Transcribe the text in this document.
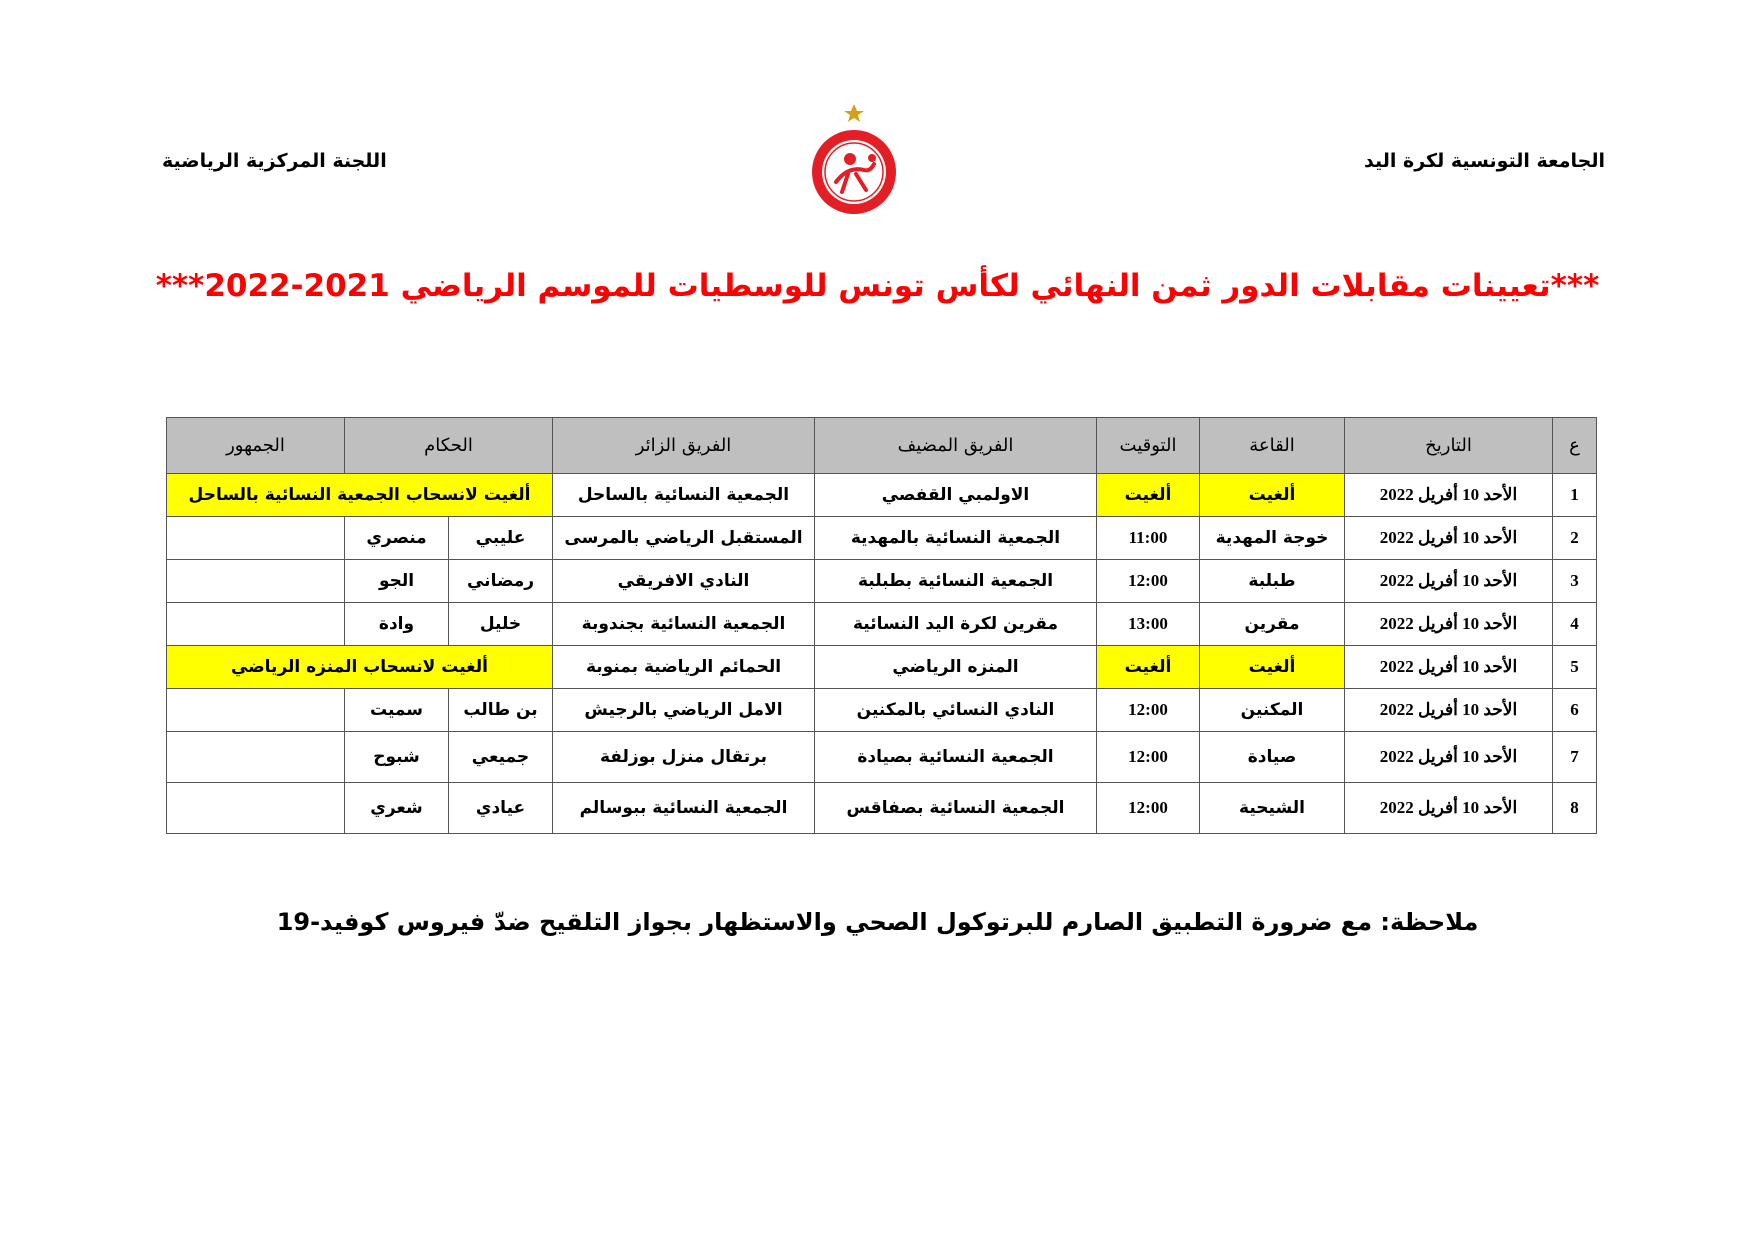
الجامعة التونسية لكرة اليد
اللجنة المركزية الرياضية
***تعيينات مقابلات الدور ثمن النهائي لكأس تونس للوسطيات للموسم الرياضي 2021-2022***
ع	التاريخ	القاعة	التوقيت	الفريق المضيف	الفريق الزائر	الحكام		الجمهور
1	الأحد 10 أفريل 2022	ألغيت	ألغيت	الاولمبي القفصي	الجمعية النسائية بالساحل	ألغيت لانسحاب الجمعية النسائية بالساحل		
2	الأحد 10 أفريل 2022	خوجة المهدية	11:00	الجمعية النسائية بالمهدية	المستقبل الرياضي بالمرسى	عليبي	منصري	
3	الأحد 10 أفريل 2022	طبلبة	12:00	الجمعية النسائية بطبلبة	النادي الافريقي	رمضاني	الجو	
4	الأحد 10 أفريل 2022	مقرين	13:00	مقرين لكرة اليد النسائية	الجمعية النسائية بجندوبة	خليل	وادة	
5	الأحد 10 أفريل 2022	ألغيت	ألغيت	المنزه الرياضي	الحمائم الرياضية بمنوبة	ألغيت لانسحاب المنزه الرياضي		
6	الأحد 10 أفريل 2022	المكنين	12:00	النادي النسائي بالمكنين	الامل الرياضي بالرجيش	بن طالب	سميت	
7	الأحد 10 أفريل 2022	صيادة	12:00	الجمعية النسائية بصيادة	برتقال منزل بوزلفة	جميعي	شبوح	
8	الأحد 10 أفريل 2022	الشيحية	12:00	الجمعية النسائية بصفاقس	الجمعية النسائية ببوسالم	عيادي	شعري	
ملاحظة: مع ضرورة التطبيق الصارم للبرتوكول الصحي والاستظهار بجواز التلقيح ضدّ فيروس كوفيد-19
